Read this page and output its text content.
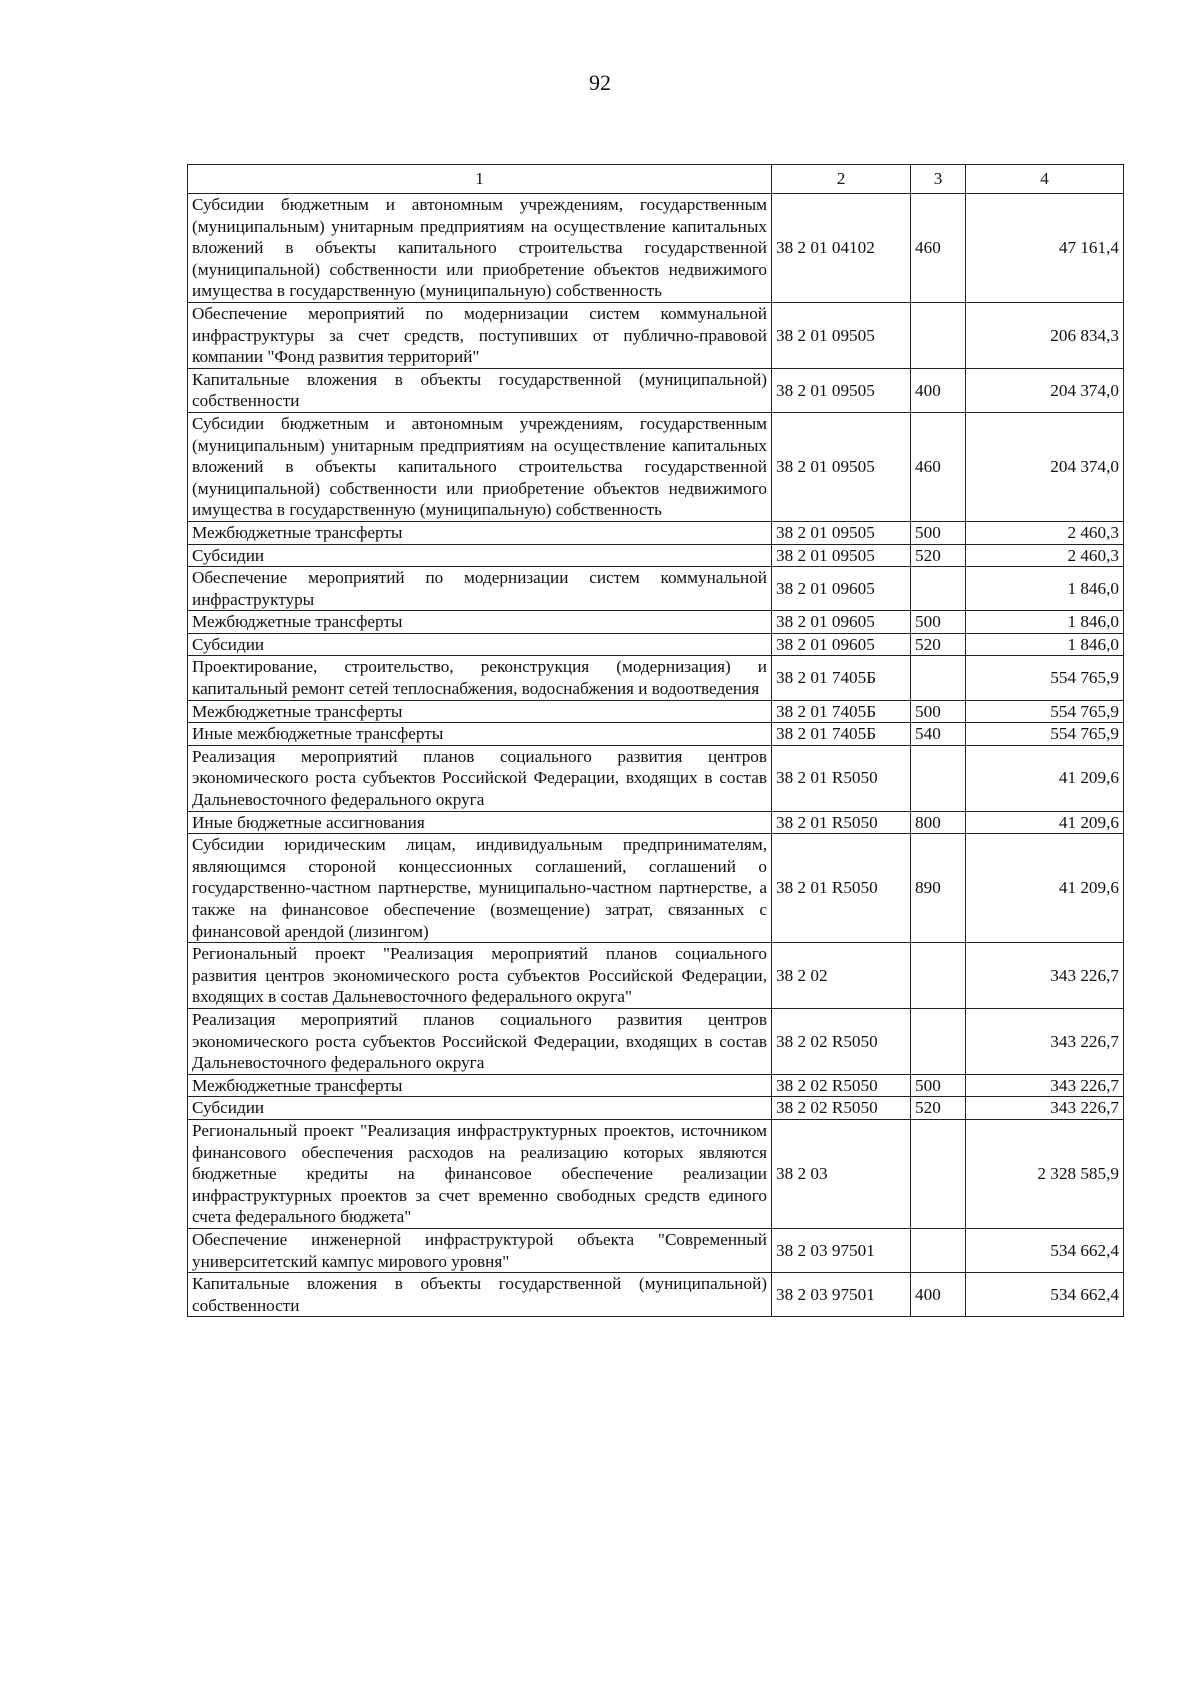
92
1	2	3	4
Субсидии бюджетным и автономным учреждениям, государственным (муниципальным) унитарным предприятиям на осуществление капитальных вложений в объекты капитального строительства государственной (муниципальной) собственности или приобретение объектов недвижимого имущества в государственную (муниципальную) собственность	38 2 01 04102	460	47 161,4
Обеспечение мероприятий по модернизации систем коммунальной инфраструктуры за счет средств, поступивших от публично-правовой компании "Фонд развития территорий"	38 2 01 09505		206 834,3
Капитальные вложения в объекты государственной (муниципальной) собственности	38 2 01 09505	400	204 374,0
Субсидии бюджетным и автономным учреждениям, государственным (муниципальным) унитарным предприятиям на осуществление капитальных вложений в объекты капитального строительства государственной (муниципальной) собственности или приобретение объектов недвижимого имущества в государственную (муниципальную) собственность	38 2 01 09505	460	204 374,0
Межбюджетные трансферты	38 2 01 09505	500	2 460,3
Субсидии	38 2 01 09505	520	2 460,3
Обеспечение мероприятий по модернизации систем коммунальной инфраструктуры	38 2 01 09605		1 846,0
Межбюджетные трансферты	38 2 01 09605	500	1 846,0
Субсидии	38 2 01 09605	520	1 846,0
Проектирование, строительство, реконструкция (модернизация) и капитальный ремонт сетей теплоснабжения, водоснабжения и водоотведения	38 2 01 7405Б		554 765,9
Межбюджетные трансферты	38 2 01 7405Б	500	554 765,9
Иные межбюджетные трансферты	38 2 01 7405Б	540	554 765,9
Реализация мероприятий планов социального развития центров экономического роста субъектов Российской Федерации, входящих в состав Дальневосточного федерального округа	38 2 01 R5050		41 209,6
Иные бюджетные ассигнования	38 2 01 R5050	800	41 209,6
Субсидии юридическим лицам, индивидуальным предпринимателям, являющимся стороной концессионных соглашений, соглашений о государственно-частном партнерстве, муниципально-частном партнерстве, а также на финансовое обеспечение (возмещение) затрат, связанных с финансовой арендой (лизингом)	38 2 01 R5050	890	41 209,6
Региональный проект "Реализация мероприятий планов социального развития центров экономического роста субъектов Российской Федерации, входящих в состав Дальневосточного федерального округа"	38 2 02		343 226,7
Реализация мероприятий планов социального развития центров экономического роста субъектов Российской Федерации, входящих в состав Дальневосточного федерального округа	38 2 02 R5050		343 226,7
Межбюджетные трансферты	38 2 02 R5050	500	343 226,7
Субсидии	38 2 02 R5050	520	343 226,7
Региональный проект "Реализация инфраструктурных проектов, источником финансового обеспечения расходов на реализацию которых являются бюджетные кредиты на финансовое обеспечение реализации инфраструктурных проектов за счет временно свободных средств единого счета федерального бюджета"	38 2 03		2 328 585,9
Обеспечение инженерной инфраструктурой объекта "Современный университетский кампус мирового уровня"	38 2 03 97501		534 662,4
Капитальные вложения в объекты государственной (муниципальной) собственности	38 2 03 97501	400	534 662,4
